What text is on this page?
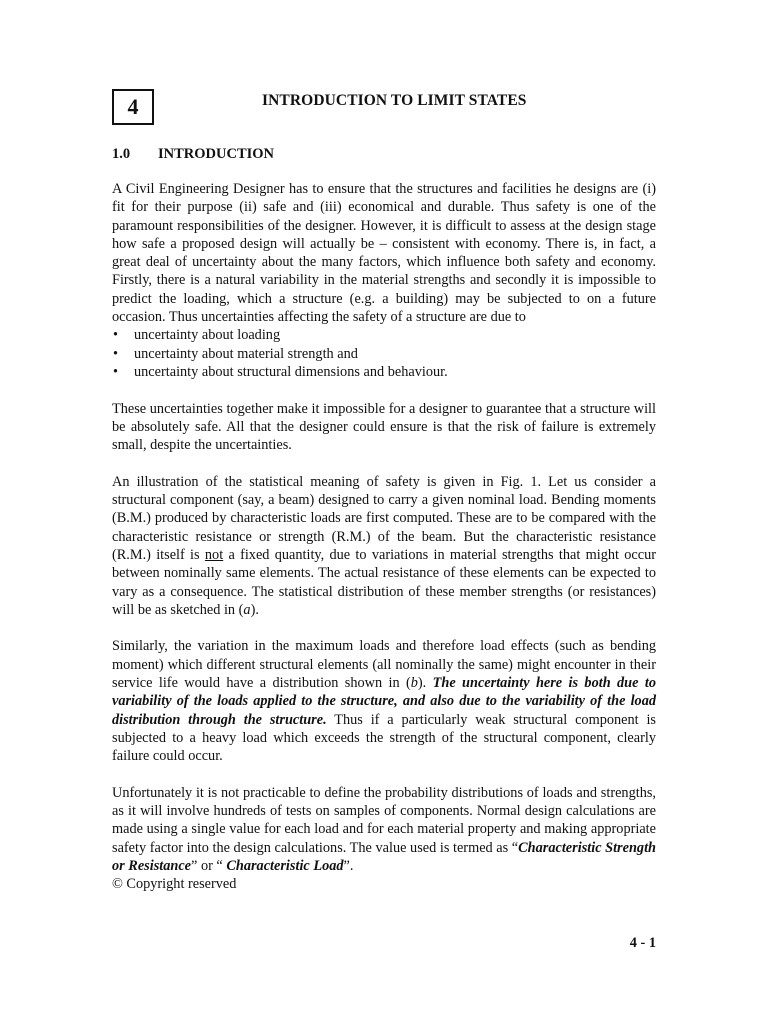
4	INTRODUCTION TO LIMIT STATES
1.0 INTRODUCTION

A Civil Engineering Designer has to ensure that the structures and facilities he designs are (i) fit for their purpose (ii) safe and (iii) economical and durable. Thus safety is one of the paramount responsibilities of the designer. However, it is difficult to assess at the design stage how safe a proposed design will actually be – consistent with economy. There is, in fact, a great deal of uncertainty about the many factors, which influence both safety and economy. Firstly, there is a natural variability in the material strengths and secondly it is impossible to predict the loading, which a structure (e.g. a building) may be subjected to on a future occasion. Thus uncertainties affecting the safety of a structure are due to

• uncertainty about loading
• uncertainty about material strength and
• uncertainty about structural dimensions and behaviour.

These uncertainties together make it impossible for a designer to guarantee that a structure will be absolutely safe. All that the designer could ensure is that the risk of failure is extremely small, despite the uncertainties.

An illustration of the statistical meaning of safety is given in Fig. 1. Let us consider a structural component (say, a beam) designed to carry a given nominal load. Bending moments (B.M.) produced by characteristic loads are first computed. These are to be compared with the characteristic resistance or strength (R.M.) of the beam. But the characteristic resistance (R.M.) itself is not a fixed quantity, due to variations in material strengths that might occur between nominally same elements. The actual resistance of these elements can be expected to vary as a consequence. The statistical distribution of these member strengths (or resistances) will be as sketched in (a).

Similarly, the variation in the maximum loads and therefore load effects (such as bending moment) which different structural elements (all nominally the same) might encounter in their service life would have a distribution shown in (b). The uncertainty here is both due to variability of the loads applied to the structure, and also due to the variability of the load distribution through the structure. Thus if a particularly weak structural component is subjected to a heavy load which exceeds the strength of the structural component, clearly failure could occur.

Unfortunately it is not practicable to define the probability distributions of loads and strengths, as it will involve hundreds of tests on samples of components. Normal design calculations are made using a single value for each load and for each material property and making appropriate safety factor into the design calculations. The value used is termed as “Characteristic Strength or Resistance” or “ Characteristic Load”.

© Copyright reserved
4 - 1
